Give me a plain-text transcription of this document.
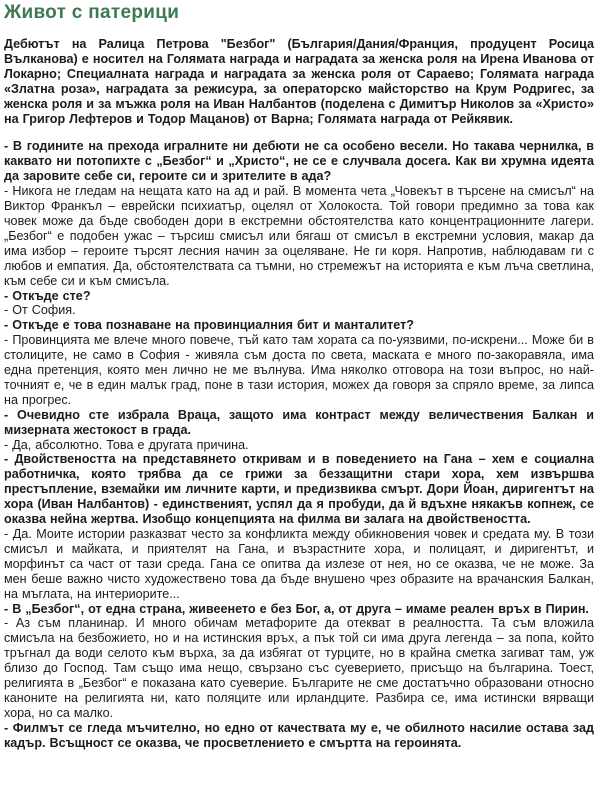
Живот с патерици

Дебютът на Ралица Петрова "Безбог" (България/Дания/Франция, продуцент Росица Вълканова) е носител на Голямата награда и наградата за женска роля на Ирена Иванова от Локарно; Специалната награда и наградата за женска роля от Сараево; Голямата награда «Златна роза», наградата за режисура, за операторско майсторство на Крум Родригес, за женска роля и за мъжка роля на Иван Налбантов (поделена с Димитър Николов за «Христо» на Григор Лефтеров и Тодор Мацанов) от Варна; Голямата награда от Рейкявик.

- В годините на прехода игралните ни дебюти не са особено весели. Но такава чернилка, в каквато ни потопихте с „Безбог“ и „Христо“, не се е случвала досега. Как ви хрумна идеята да заровите себе си, героите си и зрителите в ада?

- Никога не гледам на нещата като на ад и рай. В момента чета „Човекът в търсене на смисъл“ на Виктор Франкъл – еврейски психиатър, оцелял от Холокоста. Той говори предимно за това как човек може да бъде свободен дори в екстремни обстоятелства като концентрационните лагери. „Безбог“ е подобен ужас – търсиш смисъл или бягаш от смисъл в екстремни условия, макар да има избор – героите търсят лесния начин за оцеляване. Не ги коря. Напротив, наблюдавам ги с любов и емпатия. Да, обстоятелствата са тъмни, но стремежът на историята е към лъча светлина, към себе си и към смисъла.

- Откъде сте?

- От София.

- Откъде е това познаване на провинциалния бит и манталитет?

- Провинцията ме влече много повече, тъй като там хората са по-уязвими, по-искрени... Може би в столиците, не само в София - живяла съм доста по света, маската е много по-закоравяла, има една претенция, която мен лично не ме вълнува. Има няколко отговора на този въпрос, но най-точният е, че в един малък град, поне в тази история, можех да говоря за спряло време, за липса на прогрес.

- Очевидно сте избрала Враца, защото има контраст между величествения Балкан и мизерната жестокост в града.

- Да, абсолютно. Това е другата причина.

- Двойствеността на представянето откривам и в поведението на Гана – хем е социална работничка, която трябва да се грижи за беззащитни стари хора, хем извършва престъпление, вземайки им личните карти, и предизвиква смърт. Дори Йоан, диригентът на хора (Иван Налбантов) - единственият, успял да я пробуди, да й вдъхне някакъв копнеж, се оказва нейна жертва. Изобщо концепцията на филма ви залага на двойствеността.

- Да. Моите истории разказват често за конфликта между обикновения човек и средата му. В този смисъл и майката, и приятелят на Гана, и възрастните хора, и полицаят, и диригентът, и морфинът са част от тази среда. Гана се опитва да излезе от нея, но се оказва, че не може. За мен беше важно чисто художествено това да бъде внушено чрез образите на врачанския Балкан, на мъглата, на интериорите...

- В „Безбог“, от една страна, живеенето е без Бог, а, от друга – имаме реален връх в Пирин.

- Аз съм планинар. И много обичам метафорите да отекват в реалността. Та съм вложила смисъла на безбожието, но и на истинския връх, а пък той си има друга легенда – за попа, който тръгнал да води селото към върха, за да избягат от турците, но в крайна сметка загиват там, уж близо до Господ. Там също има нещо, свързано със суеверието, присъщо на българина. Тоест, религията в „Безбог“ е показана като суеверие. Българите не сме достатъчно образовани относно каноните на религията ни, като поляците или ирландците. Разбира се, има истински вярващи хора, но са малко.

- Филмът се гледа мъчително, но едно от качествата му е, че обилното насилие остава зад кадър. Всъщност се оказва, че просветлението е смъртта на героинята.
